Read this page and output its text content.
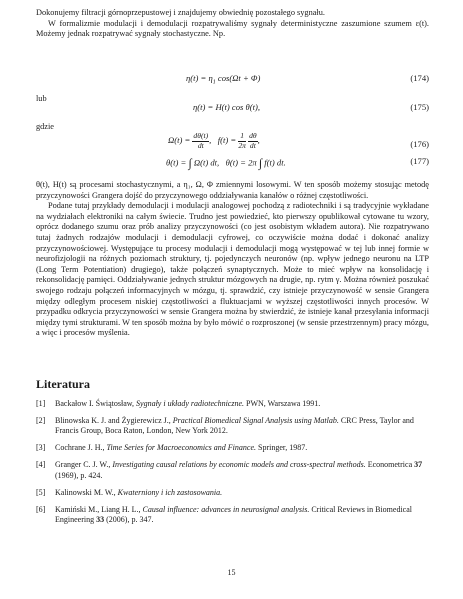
Dokonujemy filtracji górnoprzepustowej i znajdujemy obwiednię pozostałego sygnału.

W formalizmie modulacji i demodulacji rozpatrywaliśmy sygnały deterministyczne zaszumione szumem ε(t). Możemy jednak rozpatrywać sygnały stochastyczne. Np.

$\eta(t) = \eta_1$ cos(Ωt + Φ)	(174)
lub
η(t) = H(t) cos θ(t),	(175)
gdzie
$\Omega(t) = \frac{d\theta(t)}{dt}$ ,   $f(t) = \frac{1}{2\pi}$
$\frac{d\theta}{dt}$ ,	(176)
θ(t) = ∫ Ω(t) dt,   θ(t) = 2π ∫ f(t) dt.	(177)

θ(t), H(t) są procesami stochastycznymi, a η₁, Ω, Φ zmiennymi losowymi. W ten sposób możemy stosując metodę przyczynowości Grangera dojść do przyczynowego oddziaływania kanałów o różnej częstotliwości.

Podane tutaj przykłady demodulacji i modulacji analogowej pochodzą z radiotechniki i są tradycyjnie wykładane na wydziałach elektroniki na całym świecie. Trudno jest powiedzieć, kto pierwszy opublikował cytowane tu wzory, oprócz dodanego szumu oraz prób analizy przyczynowości (co jest osobistym wkładem autora). Nie rozpatrywano tutaj żadnych rodzajów modulacji i demodulacji cyfrowej, co oczywiście można dodać i dokonać analizy przyczynowościowej. Występujące tu procesy modulacji i demodulacji mogą występować w tej lub innej formie w neurofizjologii na różnych poziomach struktury, tj. pojedynczych neuronów (np. wpływ jednego neuronu na LTP (Long Term Potentiation) drugiego), także połączeń synaptycznych. Może to mieć wpływ na konsolidację i rekonsolidację pamięci. Oddziaływanie jednych struktur mózgowych na drugie, np. rytm γ. Można również poszukać swojego rodzaju połączeń informacyjnych w mózgu, tj. sprawdzić, czy istnieje przyczynowość w sensie Grangera między odległym procesem niskiej częstotliwości a fluktuacjami w wyższej częstotliwości innych procesów. W przypadku odkrycia przyczynowości w sensie Grangera można by stwierdzić, że istnieje kanał przesyłania informacji między tymi strukturami. W ten sposób można by było mówić o rozproszonej (w sensie przestrzennym) pracy mózgu, a więc i procesów myślenia.

Literatura
[1] Backałow I. Świątosław, Sygnały i układy radiotechniczne. PWN, Warszawa 1991.
[2] Blinowska K. J. and Żygierewicz J., Practical Biomedical Signal Analysis using Matlab. CRC Press, Taylor and Francis Group, Boca Raton, London, New York 2012.
[3] Cochrane J. H., Time Series for Macroeconomics and Finance. Springer, 1987.
[4] Granger C. J. W., Investigating causal relations by economic models and cross-spectral methods. Econometrica 37 (1969), p. 424.
[5] Kalinowski M. W., Kwaterniony i ich zastosowania.
[6] Kamiński M., Liang H. L., Causal influence: advances in neurosignal analysis. Critical Reviews in Biomedical Engineering 33 (2006), p. 347.
15
